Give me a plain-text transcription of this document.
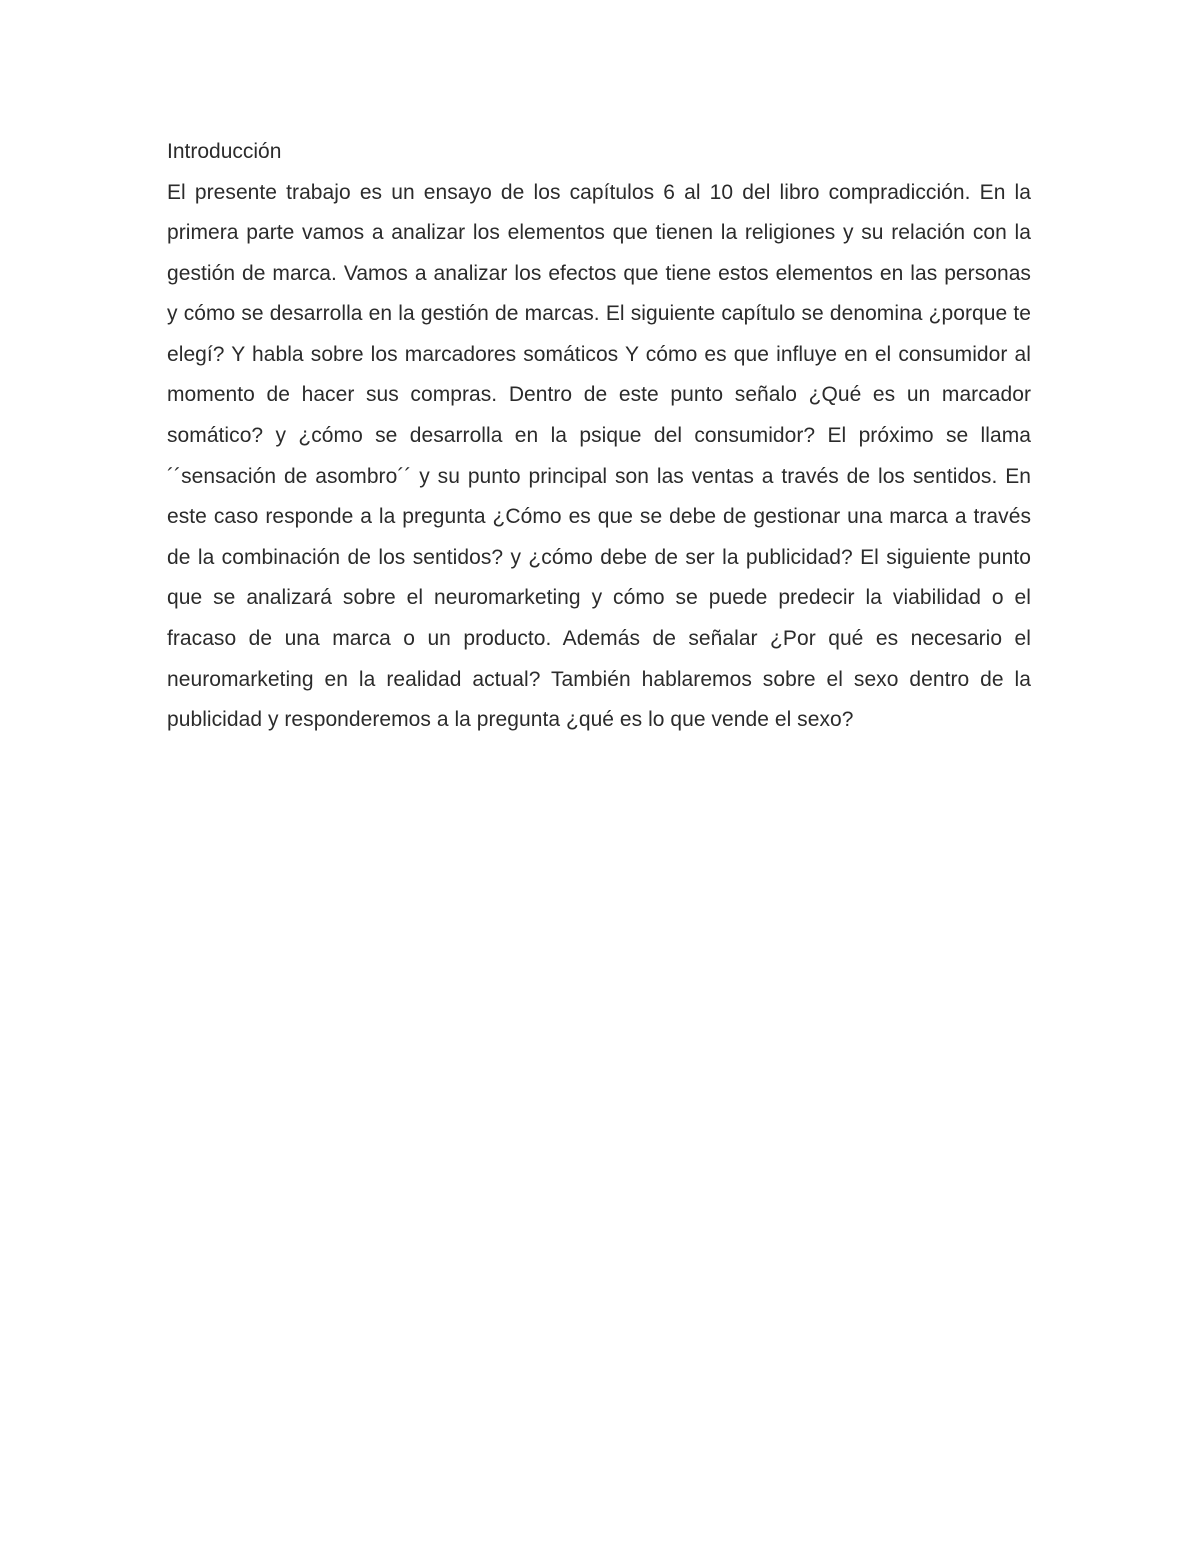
Introducción

El presente trabajo es un ensayo de los capítulos 6 al 10 del libro compradicción. En la primera parte vamos a analizar los elementos que tienen la religiones y su relación con la gestión de marca. Vamos a analizar los efectos que tiene estos elementos en las personas y cómo se desarrolla en la gestión de marcas. El siguiente capítulo se denomina ¿porque te elegí? Y habla sobre los marcadores somáticos Y cómo es que influye en el consumidor al momento de hacer sus compras. Dentro de este punto señalo ¿Qué es un marcador somático? y ¿cómo se desarrolla en la psique del consumidor? El próximo se llama ´´sensación de asombro´´ y su punto principal son las ventas a través de los sentidos. En este caso responde a la pregunta ¿Cómo es que se debe de gestionar una marca a través de la combinación de los sentidos? y ¿cómo debe de ser la publicidad? El siguiente punto que se analizará sobre el neuromarketing y cómo se puede predecir la viabilidad o el fracaso de una marca o un producto. Además de señalar ¿Por qué es necesario el neuromarketing en la realidad actual? También hablaremos sobre el sexo dentro de la publicidad y responderemos a la pregunta ¿qué es lo que vende el sexo?
